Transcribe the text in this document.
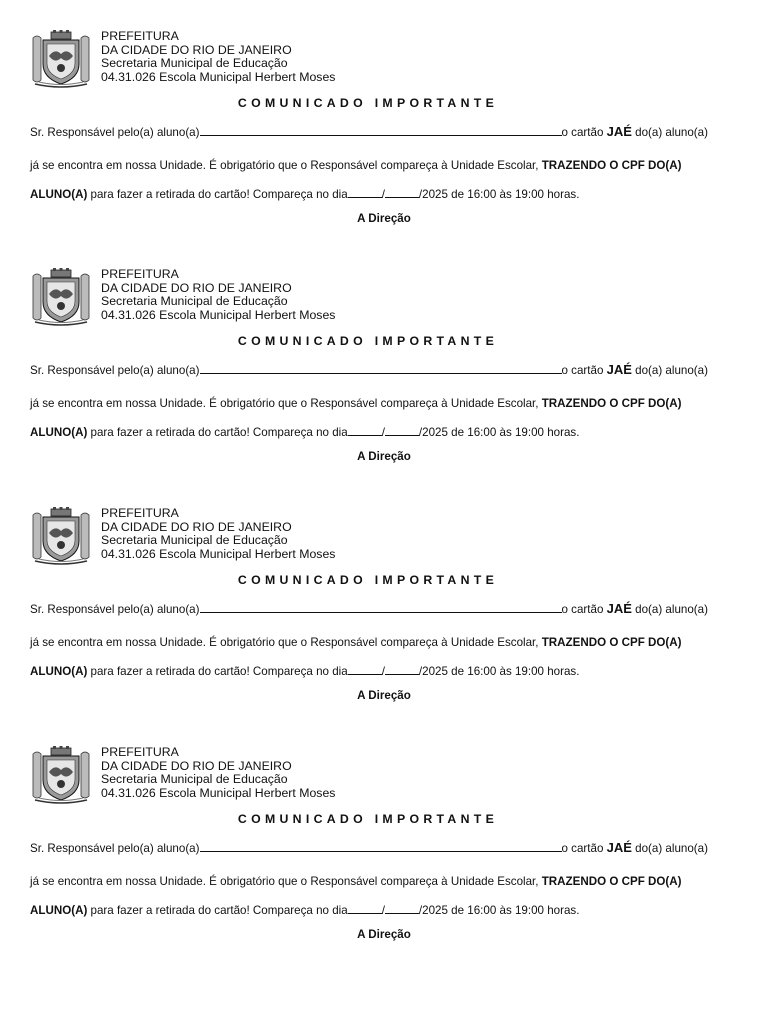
PREFEITURA
DA CIDADE DO RIO DE JANEIRO
Secretaria Municipal de Educação
04.31.026 Escola Municipal Herbert Moses
COMUNICADO IMPORTANTE
Sr. Responsável pelo(a) aluno(a)	o cartão JAÉ do(a) aluno(a)
já se encontra em nossa Unidade. É obrigatório que o Responsável compareça à Unidade Escolar, TRAZENDO O CPF DO(A)
ALUNO(A) para fazer a retirada do cartão! Compareça no dia	/	/2025 de 16:00 às 19:00 horas.
A Direção
PREFEITURA
DA CIDADE DO RIO DE JANEIRO
Secretaria Municipal de Educação
04.31.026 Escola Municipal Herbert Moses
COMUNICADO IMPORTANTE
Sr. Responsável pelo(a) aluno(a)	o cartão JAÉ do(a) aluno(a)
já se encontra em nossa Unidade. É obrigatório que o Responsável compareça à Unidade Escolar, TRAZENDO O CPF DO(A)
ALUNO(A) para fazer a retirada do cartão! Compareça no dia	/	/2025 de 16:00 às 19:00 horas.
A Direção
PREFEITURA
DA CIDADE DO RIO DE JANEIRO
Secretaria Municipal de Educação
04.31.026 Escola Municipal Herbert Moses
COMUNICADO IMPORTANTE
Sr. Responsável pelo(a) aluno(a)	o cartão JAÉ do(a) aluno(a)
já se encontra em nossa Unidade. É obrigatório que o Responsável compareça à Unidade Escolar, TRAZENDO O CPF DO(A)
ALUNO(A) para fazer a retirada do cartão! Compareça no dia	/	/2025 de 16:00 às 19:00 horas.
A Direção
PREFEITURA
DA CIDADE DO RIO DE JANEIRO
Secretaria Municipal de Educação
04.31.026 Escola Municipal Herbert Moses
COMUNICADO IMPORTANTE
Sr. Responsável pelo(a) aluno(a)	o cartão JAÉ do(a) aluno(a)
já se encontra em nossa Unidade. É obrigatório que o Responsável compareça à Unidade Escolar, TRAZENDO O CPF DO(A)
ALUNO(A) para fazer a retirada do cartão! Compareça no dia	/	/2025 de 16:00 às 19:00 horas.
A Direção
